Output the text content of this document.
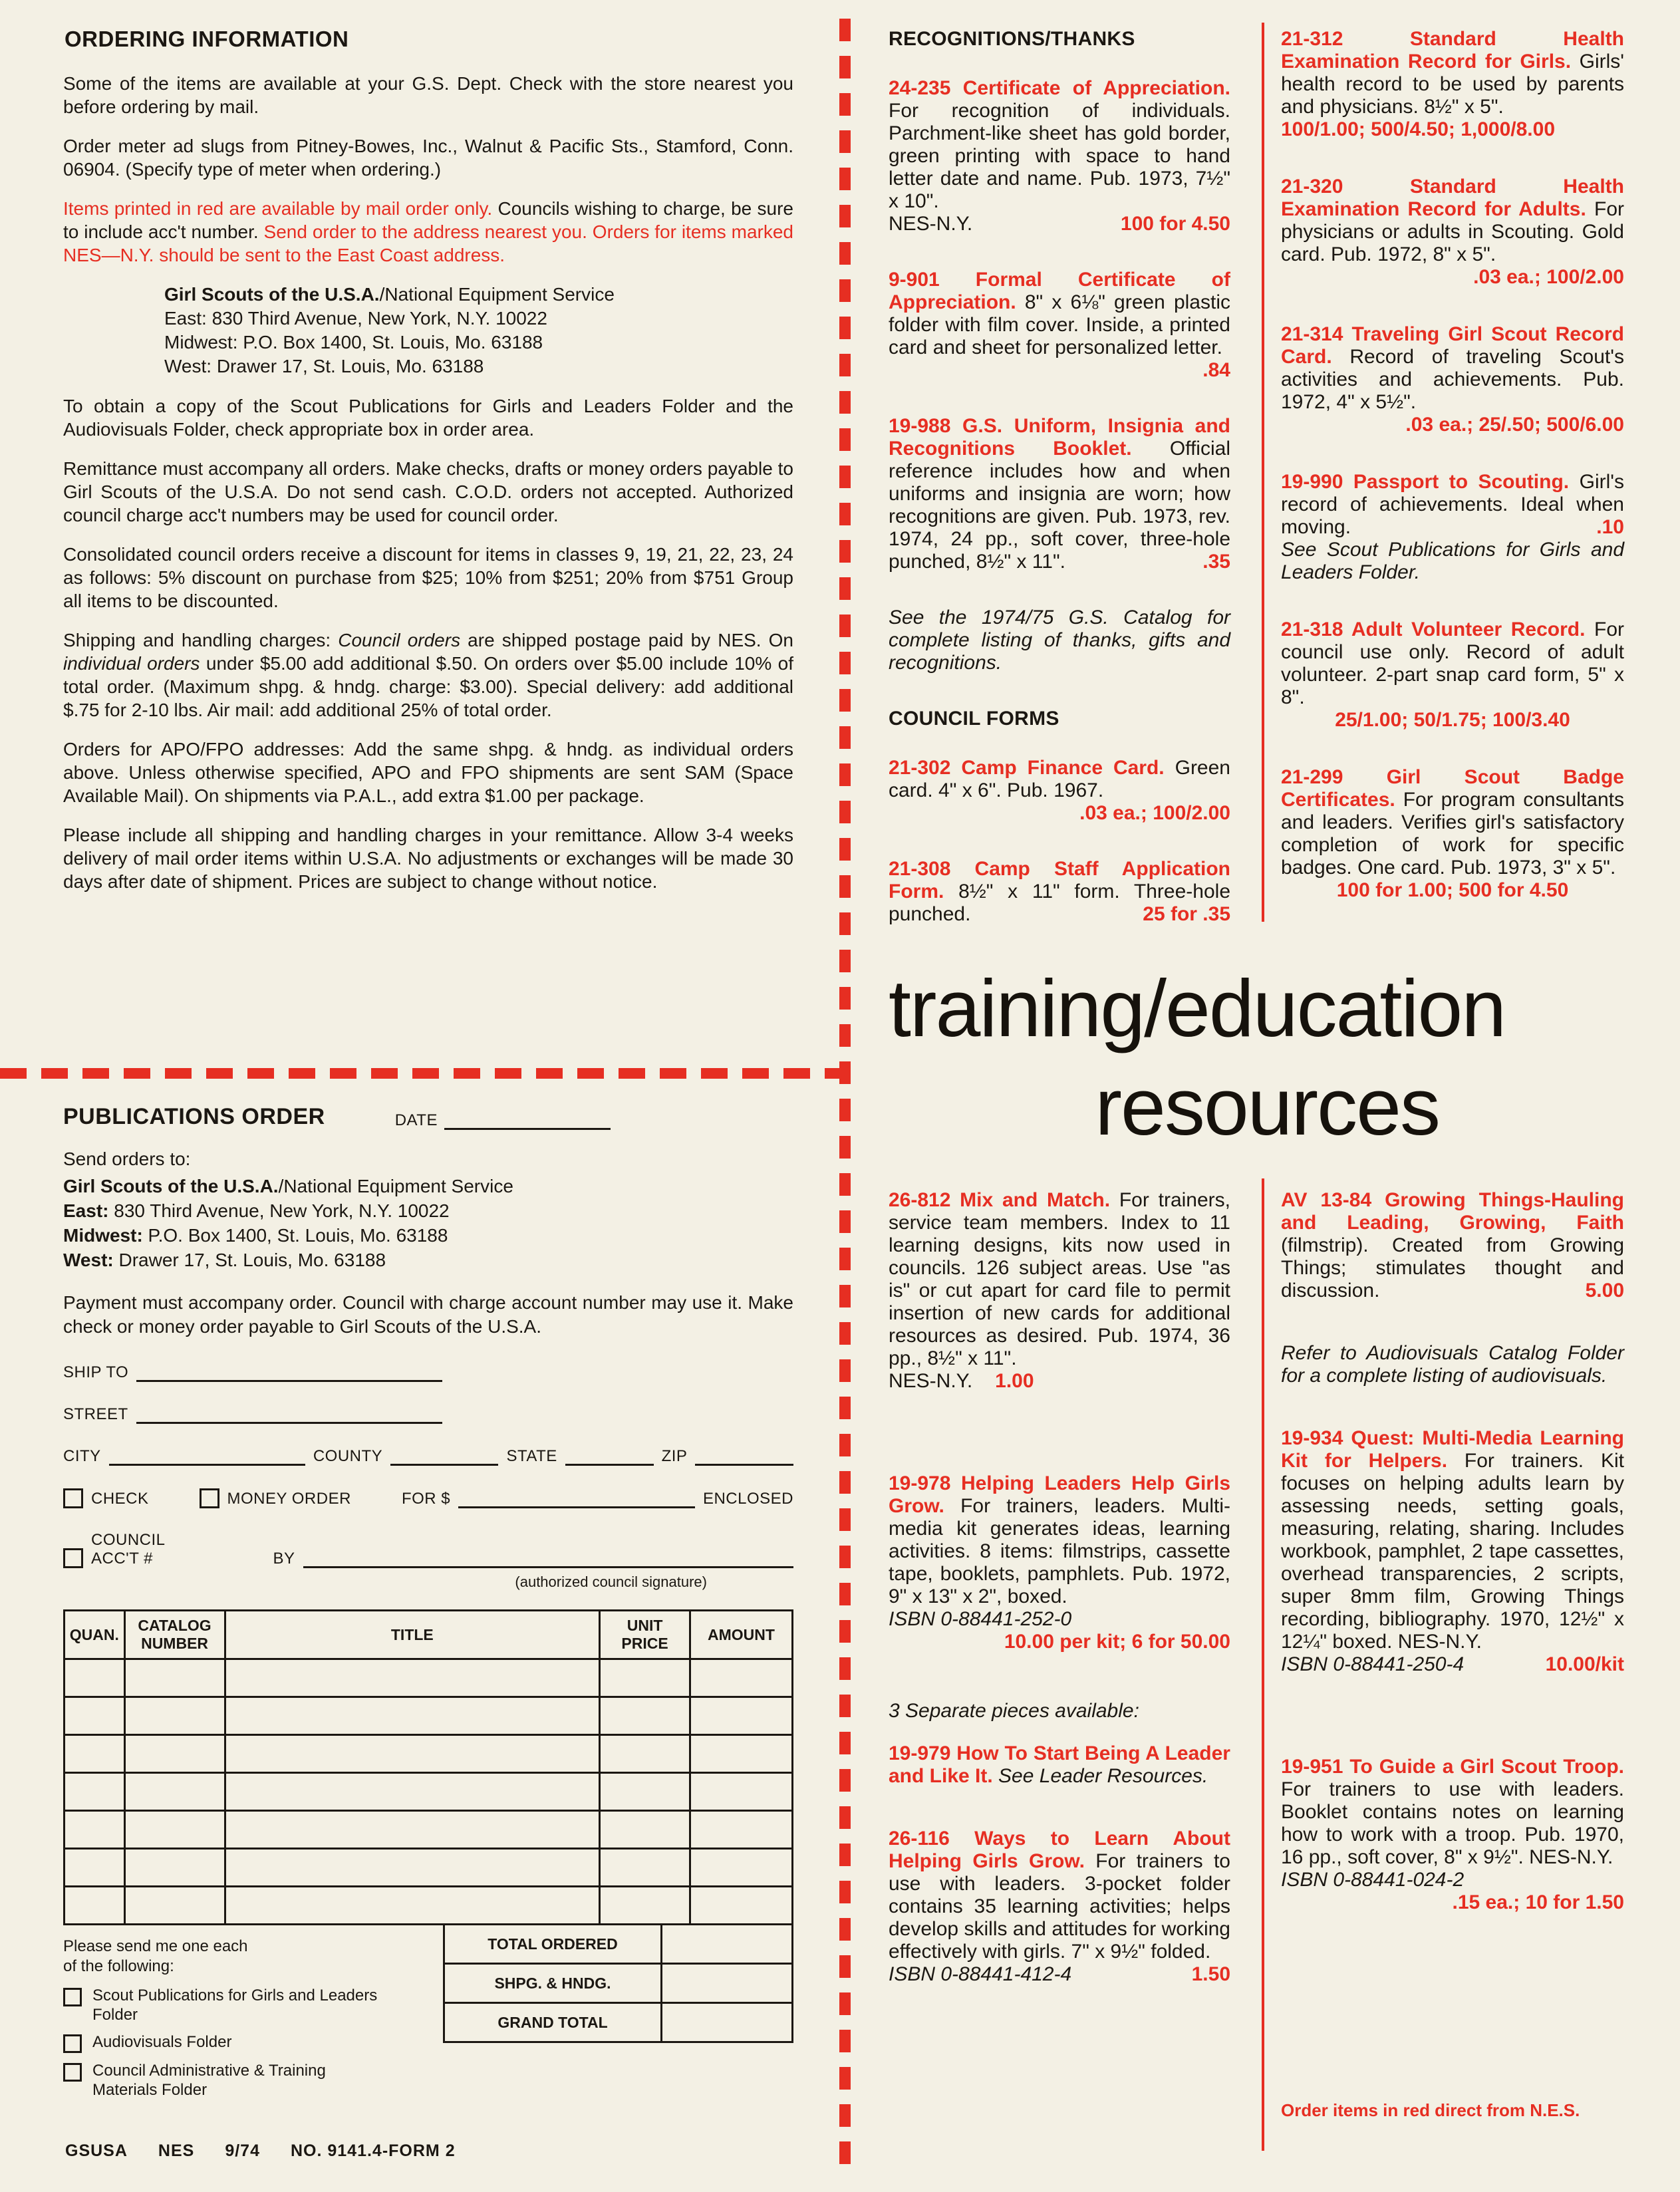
ORDERING INFORMATION

Some of the items are available at your G.S. Dept. Check with the store nearest you before ordering by mail.

Order meter ad slugs from Pitney-Bowes, Inc., Walnut & Pacific Sts., Stamford, Conn. 06904. (Specify type of meter when ordering.)

Items printed in red are available by mail order only. Councils wishing to charge, be sure to include acc't number. Send order to the address nearest you. Orders for items marked NES—N.Y. should be sent to the East Coast address.

Girl Scouts of the U.S.A./National Equipment Service
East: 830 Third Avenue, New York, N.Y. 10022
Midwest: P.O. Box 1400, St. Louis, Mo. 63188
West: Drawer 17, St. Louis, Mo. 63188

To obtain a copy of the Scout Publications for Girls and Leaders Folder and the Audiovisuals Folder, check appropriate box in order area.

Remittance must accompany all orders. Make checks, drafts or money orders payable to Girl Scouts of the U.S.A. Do not send cash. C.O.D. orders not accepted. Authorized council charge acc't numbers may be used for council order.

Consolidated council orders receive a discount for items in classes 9, 19, 21, 22, 23, 24 as follows: 5% discount on purchase from $25; 10% from $251; 20% from $751 Group all items to be discounted.

Shipping and handling charges: Council orders are shipped postage paid by NES. On individual orders under $5.00 add additional $.50. On orders over $5.00 include 10% of total order. (Maximum shpg. & hndg. charge: $3.00). Special delivery: add additional $.75 for 2-10 lbs. Air mail: add additional 25% of total order.

Orders for APO/FPO addresses: Add the same shpg. & hndg. as individual orders above. Unless otherwise specified, APO and FPO shipments are sent SAM (Space Available Mail). On shipments via P.A.L., add extra $1.00 per package.

Please include all shipping and handling charges in your remittance. Allow 3-4 weeks delivery of mail order items within U.S.A. No adjustments or exchanges will be made 30 days after date of shipment. Prices are subject to change without notice.

PUBLICATIONS ORDER	DATE

Send orders to:

Girl Scouts of the U.S.A./National Equipment Service
East: 830 Third Avenue, New York, N.Y. 10022
Midwest: P.O. Box 1400, St. Louis, Mo. 63188
West: Drawer 17, St. Louis, Mo. 63188

Payment must accompany order. Council with charge account number may use it. Make check or money order payable to Girl Scouts of the U.S.A.

SHIP TO
STREET
CITY	COUNTY	STATE	ZIP
CHECK	MONEY ORDER	FOR $	ENCLOSED
COUNCIL
ACC'T #	BY
(authorized council signature)
QUAN.	CATALOG NUMBER	TITLE	UNIT PRICE	AMOUNT

Please send me one each
of the following:

Scout Publications for Girls and Leaders Folder
Audiovisuals Folder
Council Administrative & Training Materials Folder
TOTAL ORDERED	
SHPG. & HNDG.	
GRAND TOTAL	
GSUSA NES 9/74 NO. 9141.4-FORM 2
RECOGNITIONS/THANKS

24-235 Certificate of Appreciation. For recognition of individuals. Parchment-like sheet has gold border, green printing with space to hand letter date and name. Pub. 1973, 7½" x 10".

NES-N.Y.	100 for 4.50

9-901 Formal Certificate of Appreciation. 8" x 6⅛" green plastic folder with film cover. Inside, a printed card and sheet for personalized letter.
.84

19-988 G.S. Uniform, Insignia and Recognitions Booklet. Official reference includes how and when uniforms and insignia are worn; how recognitions are given. Pub. 1973, rev. 1974, 24 pp., soft cover, three-hole punched, 8½" x 11".	.35

See the 1974/75 G.S. Catalog for complete listing of thanks, gifts and recognitions.

COUNCIL FORMS

21-302 Camp Finance Card. Green card. 4" x 6". Pub. 1967.

.03 ea.; 100/2.00

21-308 Camp Staff Application Form. 8½" x 11" form. Three-hole punched.	25 for .35

training/education
resources

26-812 Mix and Match. For trainers, service team members. Index to 11 learning designs, kits now used in councils. 126 subject areas. Use "as is" or cut apart for card file to permit insertion of new cards for additional resources as desired. Pub. 1974, 36 pp., 8½" x 11".

NES-N.Y. 1.00

19-978 Helping Leaders Help Girls Grow. For trainers, leaders. Multi-media kit generates ideas, learning activities. 8 items: filmstrips, cassette tape, booklets, pamphlets. Pub. 1972, 9" x 13" x 2", boxed.

ISBN 0-88441-252-0
10.00 per kit; 6 for 50.00

3 Separate pieces available:

19-979 How To Start Being A Leader and Like It. See Leader Resources.

26-116 Ways to Learn About Helping Girls Grow. For trainers to use with leaders. 3-pocket folder contains 35 learning activities; helps develop skills and attitudes for working effectively with girls. 7" x 9½" folded.

ISBN 0-88441-412-4	1.50

21-312 Standard Health Examination Record for Girls. Girls' health record to be used by parents and physicians. 8½" x 5".

100/1.00; 500/4.50; 1,000/8.00

21-320 Standard Health Examination Record for Adults. For physicians or adults in Scouting. Gold card. Pub. 1972, 8" x 5".

.03 ea.; 100/2.00

21-314 Traveling Girl Scout Record Card. Record of traveling Scout's activities and achievements. Pub. 1972, 4" x 5½".
.03 ea.; 25/.50; 500/6.00

19-990 Passport to Scouting. Girl's record of achievements. Ideal when moving.	.10

See Scout Publications for Girls and Leaders Folder.

21-318 Adult Volunteer Record. For council use only. Record of adult volunteer. 2-part snap card form, 5" x 8".

25/1.00; 50/1.75; 100/3.40

21-299 Girl Scout Badge Certificates. For program consultants and leaders. Verifies girl's satisfactory completion of work for specific badges. One card. Pub. 1973, 3" x 5".

100 for 1.00; 500 for 4.50

AV 13-84 Growing Things-Hauling and Leading, Growing, Faith (filmstrip). Created from Growing Things; stimulates thought and discussion.	5.00

Refer to Audiovisuals Catalog Folder for a complete listing of audiovisuals.

19-934 Quest: Multi-Media Learning Kit for Helpers. For trainers. Kit focuses on helping adults learn by assessing needs, setting goals, measuring, relating, sharing. Includes workbook, pamphlet, 2 tape cassettes, overhead transparencies, 2 scripts, super 8mm film, Growing Things recording, bibliography. 1970, 12½" x 12¼" boxed. NES-N.Y.

ISBN 0-88441-250-4	10.00/kit

19-951 To Guide a Girl Scout Troop. For trainers to use with leaders. Booklet contains notes on learning how to work with a troop. Pub. 1970, 16 pp., soft cover, 8" x 9½". NES-N.Y.

ISBN 0-88441-024-2
.15 ea.; 10 for 1.50
Order items in red direct from N.E.S.
